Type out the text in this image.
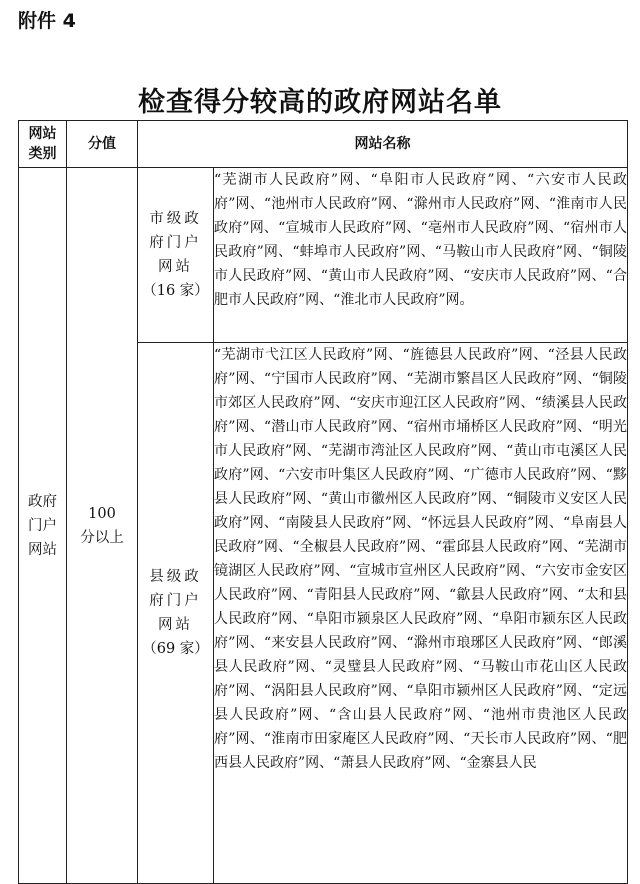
附件 4
检查得分较高的政府网站名单
网站类别	分值	网站名称	
政府门户网站	100 分以上	市级政府门户网站
（16 家）	“芜湖市人民政府”网、“阜阳市人民政府”网、“六安市人民政府”网、“池州市人民政府”网、“滁州市人民政府”网、“淮南市人民政府”网、“宣城市人民政府”网、“亳州市人民政府”网、“宿州市人民政府”网、“蚌埠市人民政府”网、“马鞍山市人民政府”网、“铜陵市人民政府”网、“黄山市人民政府”网、“安庆市人民政府”网、“合肥市人民政府”网、“淮北市人民政府”网。
		县级政府门户网站
（69 家）	“芜湖市弋江区人民政府”网、“旌德县人民政府”网、“泾县人民政府”网、“宁国市人民政府”网、“芜湖市繁昌区人民政府”网、“铜陵市郊区人民政府”网、“安庆市迎江区人民政府”网、“绩溪县人民政府”网、“潜山市人民政府”网、“宿州市埇桥区人民政府”网、“明光市人民政府”网、“芜湖市湾沚区人民政府”网、“黄山市屯溪区人民政府”网、“六安市叶集区人民政府”网、“广德市人民政府”网、“黟县人民政府”网、“黄山市徽州区人民政府”网、“铜陵市义安区人民政府”网、“南陵县人民政府”网、“怀远县人民政府”网、“阜南县人民政府”网、“全椒县人民政府”网、“霍邱县人民政府”网、“芜湖市镜湖区人民政府”网、“宣城市宣州区人民政府”网、“六安市金安区人民政府”网、“青阳县人民政府”网、“歙县人民政府”网、“太和县人民政府”网、“阜阳市颍泉区人民政府”网、“阜阳市颍东区人民政府”网、“来安县人民政府”网、“滁州市琅琊区人民政府”网、“郎溪县人民政府”网、“灵璧县人民政府”网、“马鞍山市花山区人民政府”网、“涡阳县人民政府”网、“阜阳市颍州区人民政府”网、“定远县人民政府”网、“含山县人民政府”网、“池州市贵池区人民政府”网、“淮南市田家庵区人民政府”网、“天长市人民政府”网、“肥西县人民政府”网、“萧县人民政府”网、“金寨县人民
